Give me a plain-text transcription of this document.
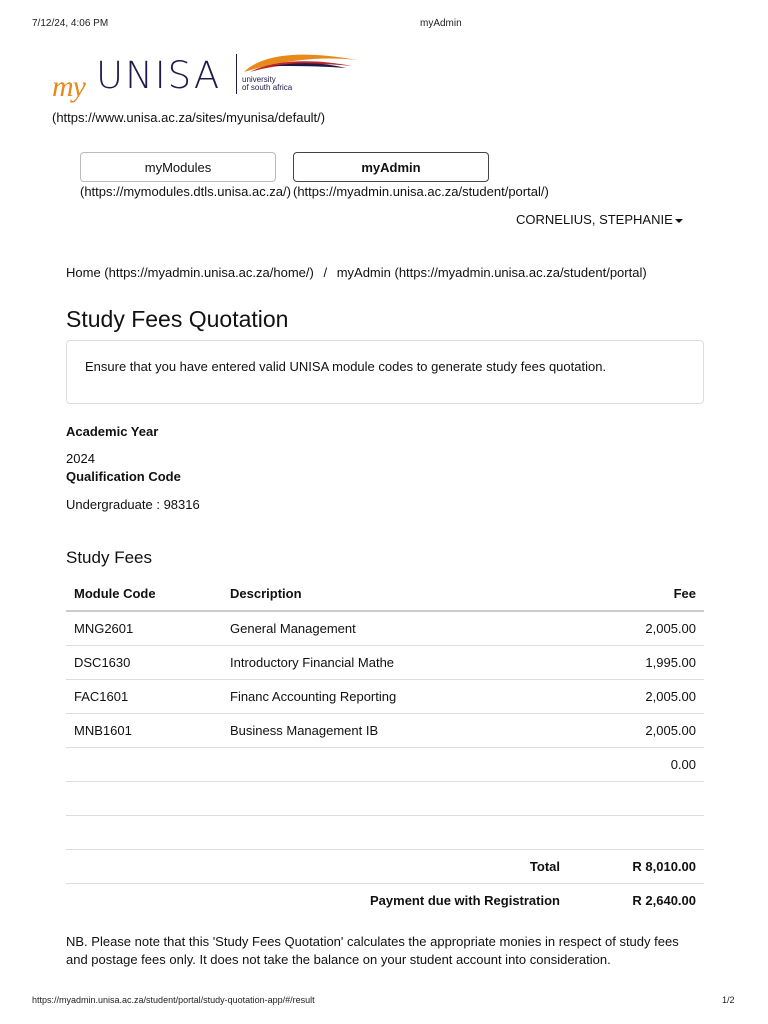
7/12/24, 4:06 PM	myAdmin
my UNISA	university
of south africa
(https://www.unisa.ac.za/sites/myunisa/default/)
myModules	myAdmin
(https://mymodules.dtls.unisa.ac.za/) (https://myadmin.unisa.ac.za/student/portal/)
CORNELIUS, STEPHANIE
Home (https://myadmin.unisa.ac.za/home/) / myAdmin (https://myadmin.unisa.ac.za/student/portal)
Study Fees Quotation
Ensure that you have entered valid UNISA module codes to generate study fees quotation.
Academic Year
2024
Qualification Code
Undergraduate : 98316
Study Fees
Module Code	Description	Fee
MNG2601	General Management	2,005.00
DSC1630	Introductory Financial Mathe	1,995.00
FAC1601	Financ Accounting Reporting	2,005.00
MNB1601	Business Management IB	2,005.00
		0.00

	Total	R 8,010.00
	Payment due with Registration	R 2,640.00
NB. Please note that this 'Study Fees Quotation' calculates the appropriate monies in respect of study fees and postage fees only. It does not take the balance on your student account into consideration.
https://myadmin.unisa.ac.za/student/portal/study-quotation-app/#/result	1/2
